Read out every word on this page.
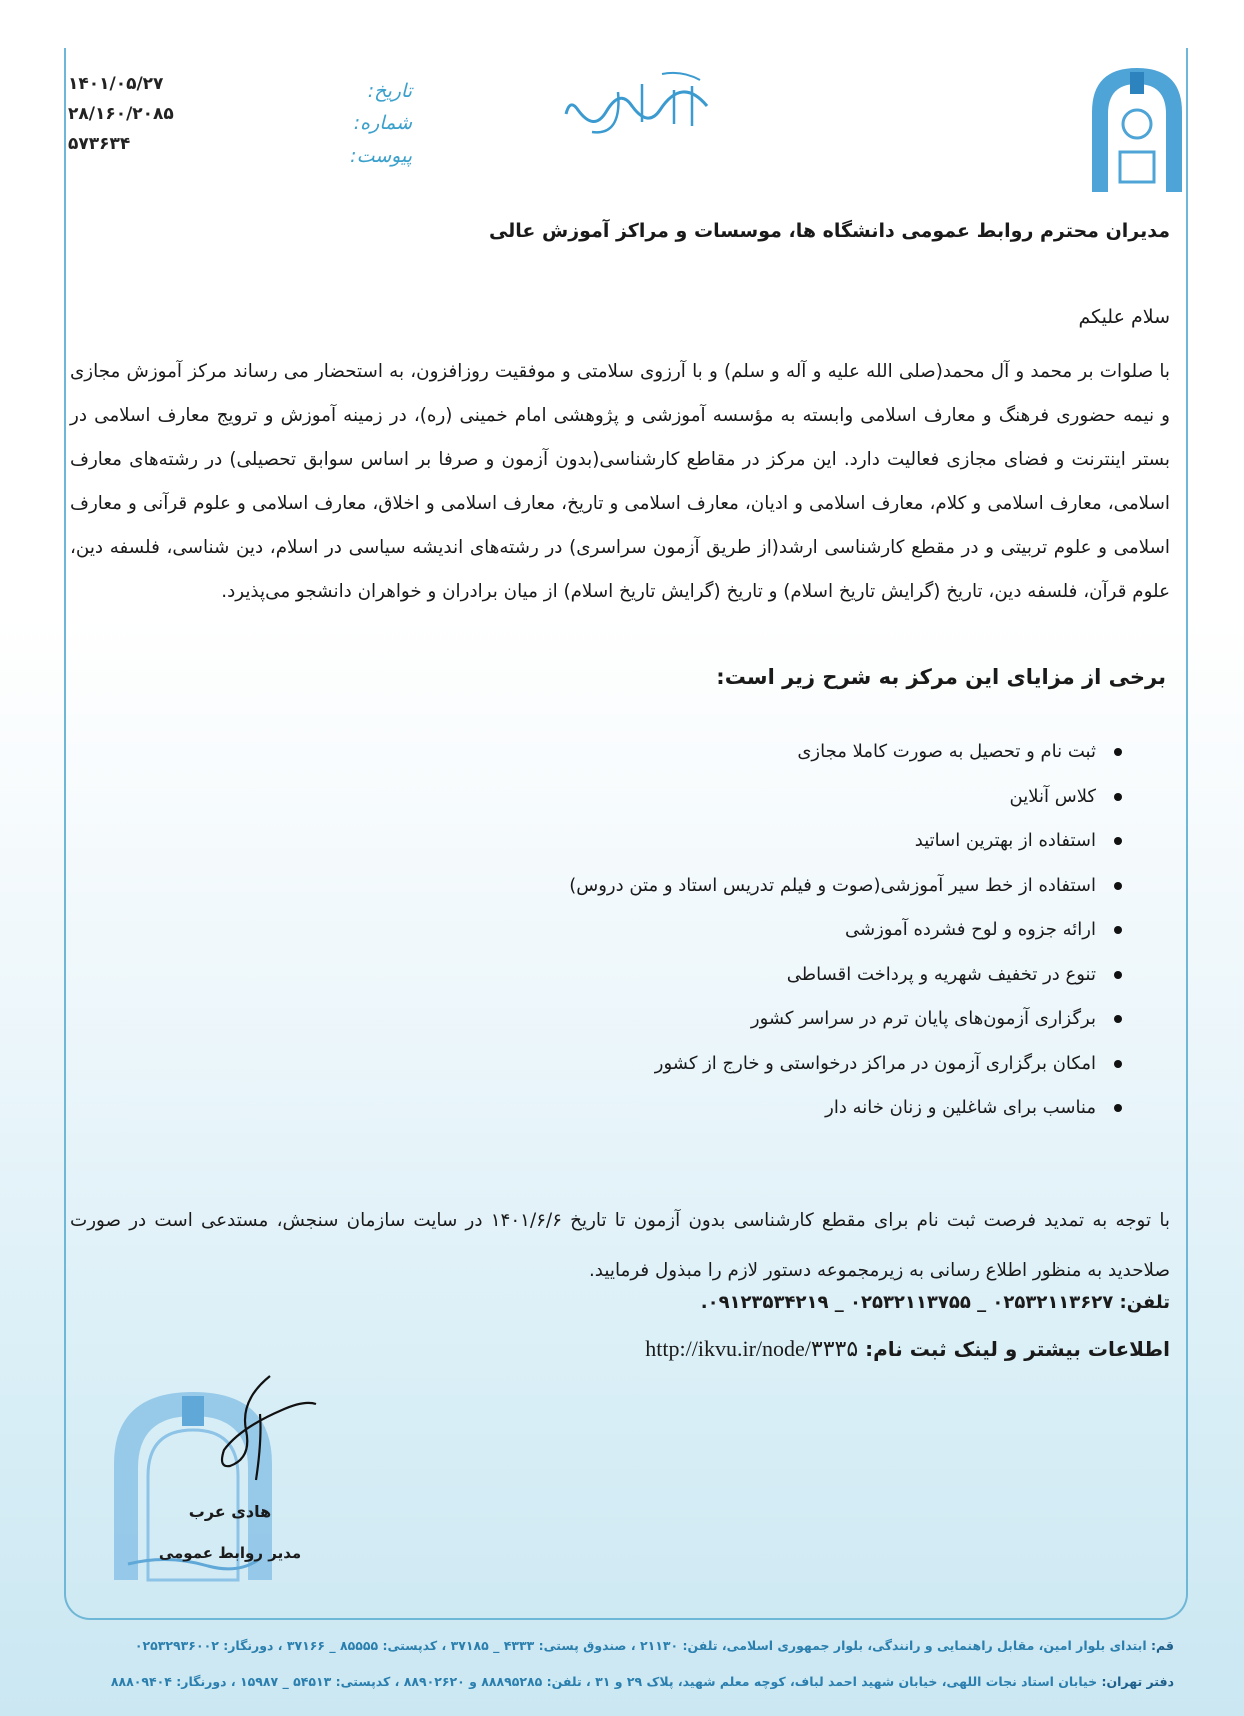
تاریخ:
شماره:
پیوست:
۱۴۰۱/۰۵/۲۷
۲۸/۱۶۰/۲۰۸۵
۵۷۳۶۳۴
مدیران محترم روابط عمومی دانشگاه ها، موسسات و مراکز آموزش عالی
سلام علیکم
با صلوات بر محمد و آل محمد(صلی الله علیه و آله و سلم) و با آرزوی سلامتی و موفقیت روزافزون، به استحضار می رساند مرکز آموزش مجازی و نیمه حضوری فرهنگ و معارف اسلامی وابسته به مؤسسه آموزشی و پژوهشی امام خمینی (ره)، در زمینه آموزش و ترویج معارف اسلامی در بستر اینترنت و فضای مجازی فعالیت دارد. این مرکز در مقاطع کارشناسی(بدون آزمون و صرفا بر اساس سوابق تحصیلی) در رشته‌های معارف اسلامی، معارف اسلامی و کلام، معارف اسلامی و ادیان، معارف اسلامی و تاریخ، معارف اسلامی و اخلاق، معارف اسلامی و علوم قرآنی و معارف اسلامی و علوم تربیتی و در مقطع کارشناسی ارشد(از طریق آزمون سراسری) در رشته‌های اندیشه سیاسی در اسلام، دین شناسی، فلسفه دین، علوم قرآن، فلسفه دین، تاریخ (گرایش تاریخ اسلام) و تاریخ (گرایش تاریخ اسلام) از میان برادران و خواهران دانشجو می‌پذیرد.
برخی از مزایای این مرکز به شرح زیر است:
ثبت نام و تحصیل به صورت کاملا مجازی
کلاس آنلاین
استفاده از بهترین اساتید
استفاده از خط سیر آموزشی(صوت و فیلم تدریس استاد و متن دروس)
ارائه جزوه و لوح فشرده آموزشی
تنوع در تخفیف شهریه و پرداخت اقساطی
برگزاری آزمون‌های پایان ترم در سراسر کشور
امکان برگزاری آزمون در مراکز درخواستی و خارج از کشور
مناسب برای شاغلین و زنان خانه دار
با توجه به تمدید فرصت ثبت نام برای مقطع کارشناسی بدون آزمون تا تاریخ ۱۴۰۱/۶/۶ در سایت سازمان سنجش، مستدعی است در صورت صلاحدید به منظور اطلاع رسانی به زیرمجموعه دستور لازم را مبذول فرمایید.
تلفن: ۰۲۵۳۲۱۱۳۶۲۷ _ ۰۲۵۳۲۱۱۳۷۵۵ _ ۰۹۱۲۳۵۳۴۲۱۹.
اطلاعات بیشتر و لینک ثبت نام: http://ikvu.ir/node/۳۳۳۵
هادی عرب
مدیر روابط عمومی
قم: ابتدای بلوار امین، مقابل راهنمایی و رانندگی، بلوار جمهوری اسلامی، تلفن: ۲۱۱۳۰ ، صندوق پستی: ۴۳۳۳ _ ۳۷۱۸۵ ، کدپستی: ۸۵۵۵۵ _ ۳۷۱۶۶ ، دورنگار: ۰۲۵۳۲۹۳۶۰۰۲
دفتر تهران: خیابان استاد نجات اللهی، خیابان شهید احمد لباف، کوچه معلم شهید، پلاک ۲۹ و ۳۱ ، تلفن: ۸۸۸۹۵۲۸۵ و ۸۸۹۰۲۶۲۰ ، کدپستی: ۵۴۵۱۳ _ ۱۵۹۸۷ ، دورنگار: ۸۸۸۰۹۴۰۴
